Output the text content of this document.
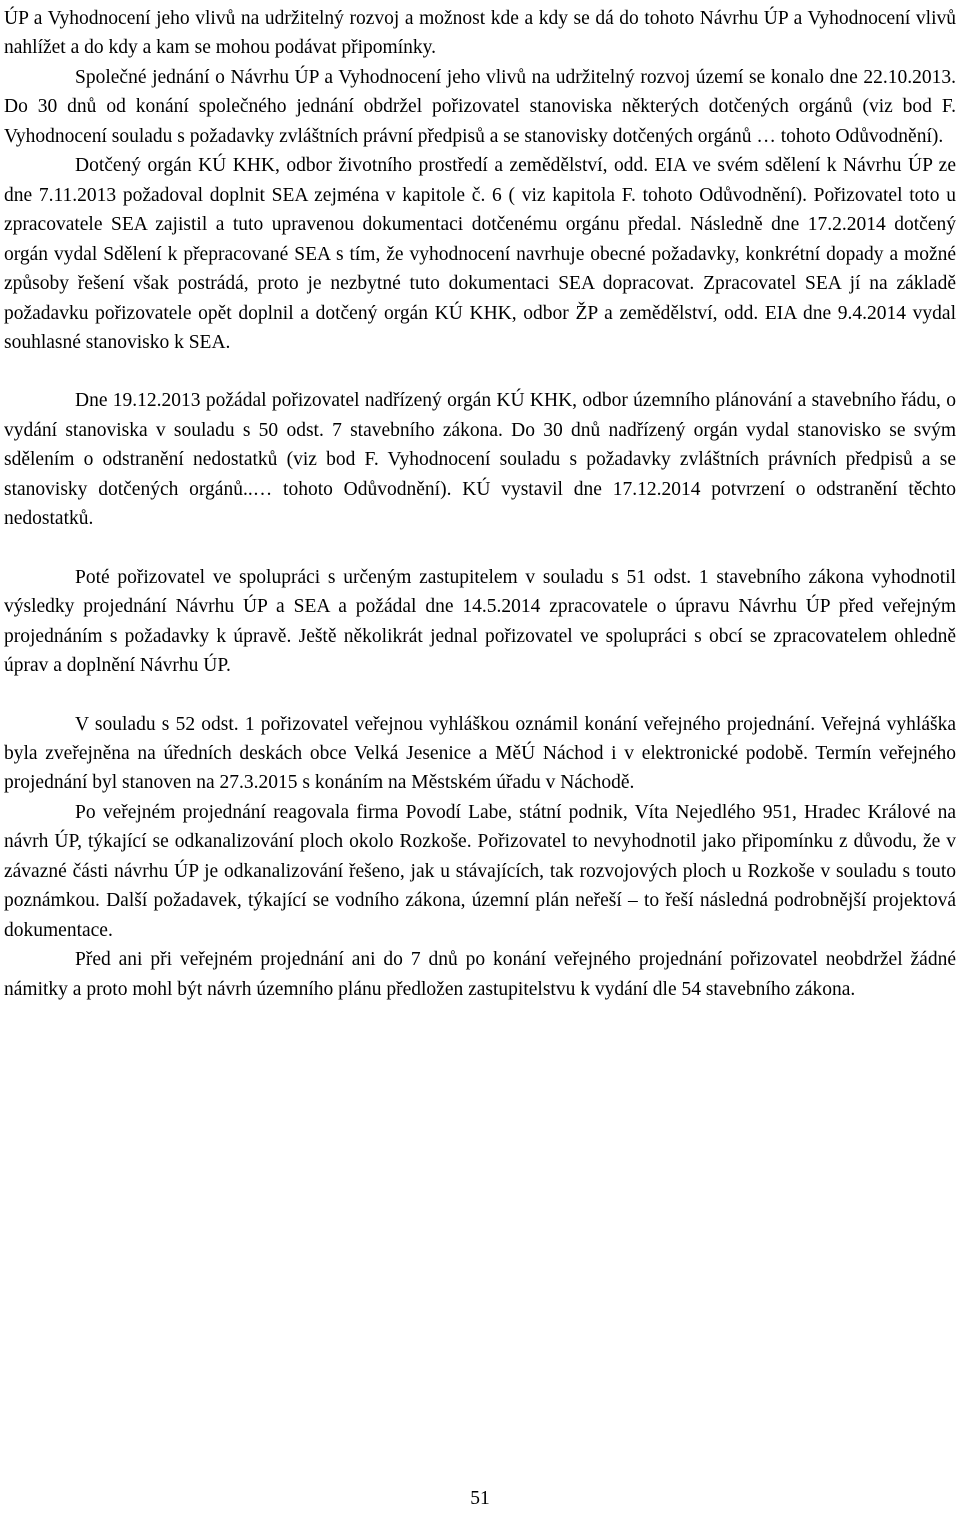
ÚP a Vyhodnocení jeho vlivů na udržitelný rozvoj a možnost kde a kdy se dá do tohoto Návrhu ÚP a Vyhodnocení vlivů nahlížet a do kdy a kam se mohou podávat připomínky.

Společné jednání o Návrhu ÚP a Vyhodnocení jeho vlivů na udržitelný rozvoj území se konalo dne 22.10.2013. Do 30 dnů od konání společného jednání obdržel pořizovatel stanoviska některých dotčených orgánů (viz bod F. Vyhodnocení souladu s požadavky zvláštních právní předpisů a se stanovisky dotčených orgánů … tohoto Odůvodnění).

Dotčený orgán KÚ KHK, odbor životního prostředí a zemědělství, odd. EIA ve svém sdělení k Návrhu ÚP ze dne 7.11.2013 požadoval doplnit SEA zejména v kapitole č. 6 ( viz kapitola F. tohoto Odůvodnění). Pořizovatel toto u zpracovatele SEA zajistil a tuto upravenou dokumentaci dotčenému orgánu předal. Následně dne 17.2.2014 dotčený orgán vydal Sdělení k přepracované SEA s tím, že vyhodnocení navrhuje obecné požadavky, konkrétní dopady a možné způsoby řešení však postrádá, proto je nezbytné tuto dokumentaci SEA dopracovat. Zpracovatel SEA jí na základě požadavku pořizovatele opět doplnil a dotčený orgán KÚ KHK, odbor ŽP a zemědělství, odd. EIA dne 9.4.2014 vydal souhlasné stanovisko k SEA.

Dne 19.12.2013 požádal pořizovatel nadřízený orgán KÚ KHK, odbor územního plánování a stavebního řádu, o vydání stanoviska v souladu s 50 odst. 7 stavebního zákona. Do 30 dnů nadřízený orgán vydal stanovisko se svým sdělením o odstranění nedostatků (viz bod F. Vyhodnocení souladu s požadavky zvláštních právních předpisů a se stanovisky dotčených orgánů..… tohoto Odůvodnění). KÚ vystavil dne 17.12.2014 potvrzení o odstranění těchto nedostatků.

Poté pořizovatel ve spolupráci s určeným zastupitelem v souladu s 51 odst. 1 stavebního zákona vyhodnotil výsledky projednání Návrhu ÚP a SEA a požádal dne 14.5.2014 zpracovatele o úpravu Návrhu ÚP před veřejným projednáním s požadavky k úpravě. Ještě několikrát jednal pořizovatel ve spolupráci s obcí se zpracovatelem ohledně úprav a doplnění Návrhu ÚP.

V souladu s 52 odst. 1 pořizovatel veřejnou vyhláškou oznámil konání veřejného projednání. Veřejná vyhláška byla zveřejněna na úředních deskách obce Velká Jesenice a MěÚ Náchod i v elektronické podobě. Termín veřejného projednání byl stanoven na 27.3.2015 s konáním na Městském úřadu v Náchodě.

Po veřejném projednání reagovala firma Povodí Labe, státní podnik, Víta Nejedlého 951, Hradec Králové na návrh ÚP, týkající se odkanalizování ploch okolo Rozkoše. Pořizovatel to nevyhodnotil jako připomínku z důvodu, že v závazné části návrhu ÚP je odkanalizování řešeno, jak u stávajících, tak rozvojových ploch u Rozkoše v souladu s touto poznámkou. Další požadavek, týkající se vodního zákona, územní plán neřeší – to řeší následná podrobnější projektová dokumentace.

Před ani při veřejném projednání ani do 7 dnů po konání veřejného projednání pořizovatel neobdržel žádné námitky a proto mohl být návrh územního plánu předložen zastupitelstvu k vydání dle 54 stavebního zákona.

51
